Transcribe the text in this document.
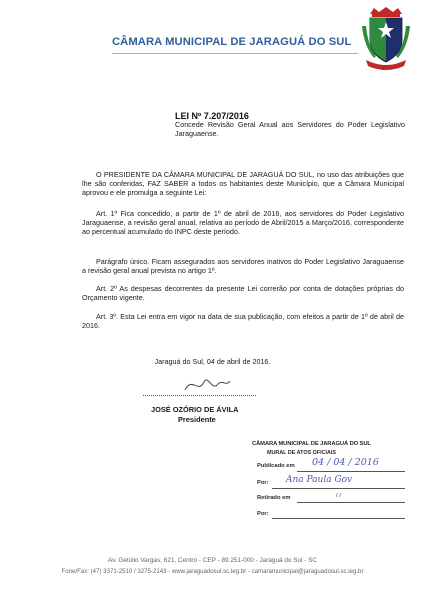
CÂMARA MUNICIPAL DE JARAGUÁ DO SUL
LEI Nº 7.207/2016
Concede Revisão Geral Anual aos Servidores do Poder Legislativo Jaraguaense.
O PRESIDENTE DA CÂMARA MUNICIPAL DE JARAGUÁ DO SUL, no uso das atribuições que lhe são conferidas, FAZ SABER a todos os habitantes deste Município, que a Câmara Municipal aprovou e ele promulga a seguinte Lei:
Art. 1º Fica concedido, a partir de 1º de abril de 2016, aos servidores do Poder Legislativo Jaraguaense, a revisão geral anual, relativa ao período de Abril/2015 a Março/2016, correspondente ao percentual acumulado do INPC deste período.
Parágrafo único. Ficam assegurados aos servidores inativos do Poder Legislativo Jaraguaense a revisão geral anual prevista no artigo 1º.
Art. 2º As despesas decorrentes da presente Lei correrão por conta de dotações próprias do Orçamento vigente.
Art. 3º. Esta Lei entra em vigor na data de sua publicação, com efeitos a partir de 1º de abril de 2016.
Jaraguá do Sul, 04 de abril de 2016.
JOSÉ OZÓRIO DE ÁVILA
Presidente
CÂMARA MUNICIPAL DE JARAGUÁ DO SUL
MURAL DE ATOS OFICIAIS
Publicado em 04 / 04 / 2016
Por: Ana Paula Gov
Retirado em	/ /
Por:
Av. Getúlio Vargas, 621, Centro - CEP - 89.251-000 - Jaraguá do Sul - SC
Fone/Fax: (47) 3371-2510 / 3275-2143 - www.jaraguadosul.sc.leg.br - camaramunicipal@jaraguadosul.sc.leg.br
